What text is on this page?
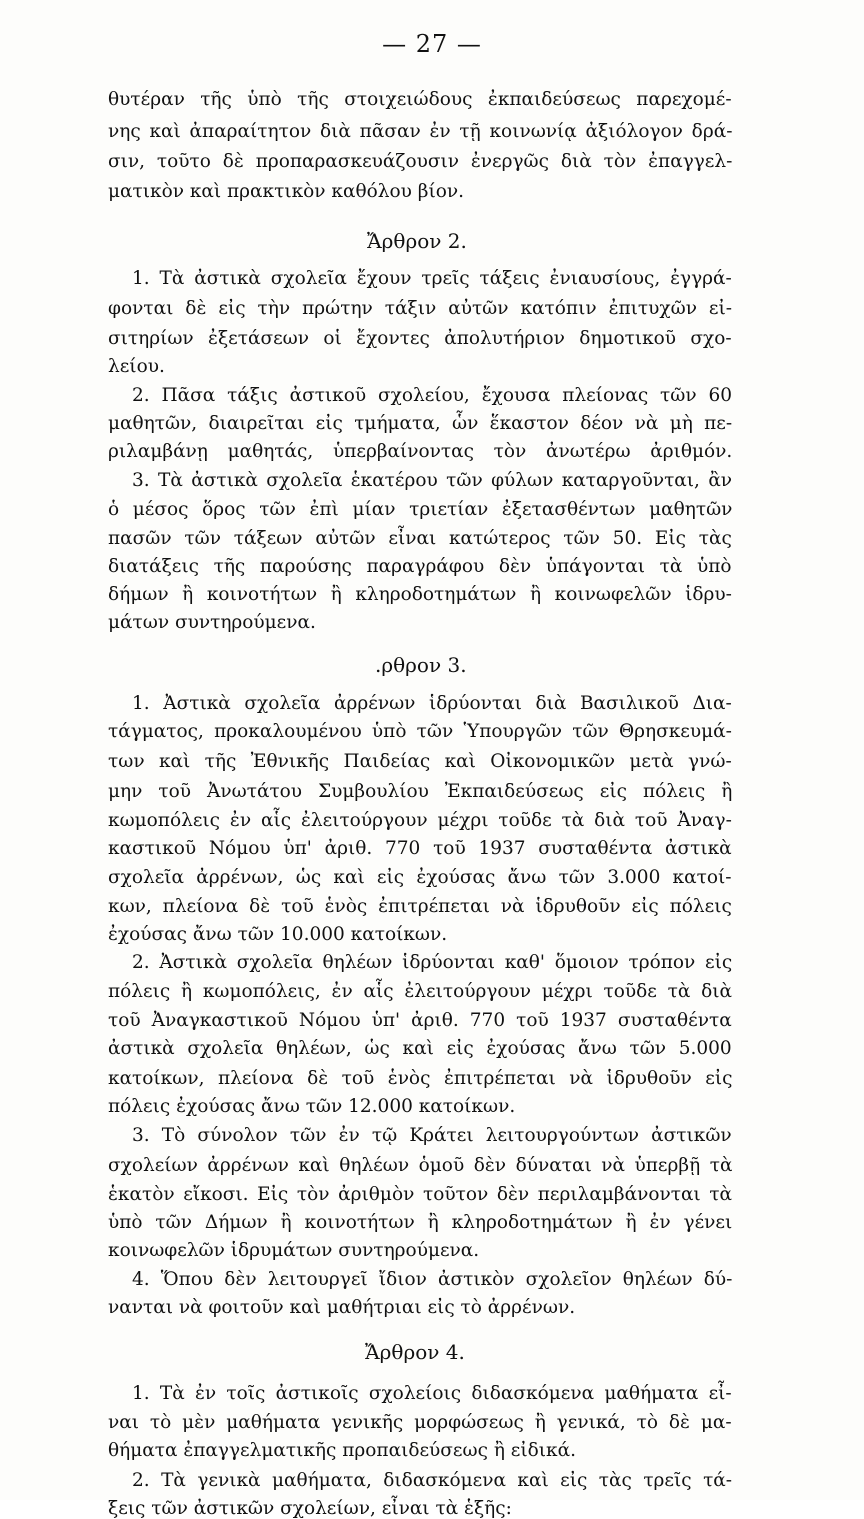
— 27 —
θυτέραν τῆς ὑπὸ τῆς στοιχειώδους ἐκπαιδεύσεως παρεχομέ-
νης καὶ ἀπαραίτητον διὰ πᾶσαν ἐν τῇ κοινωνίᾳ ἀξιόλογον δρά-
σιν, τοῦτο δὲ προπαρασκευάζουσιν ἐνεργῶς διὰ τὸν ἐπαγγελ-
ματικὸν καὶ πρακτικὸν καθόλου βίον.
Ἄρθρον 2.
1. Τὰ ἀστικὰ σχολεῖα ἔχουν τρεῖς τάξεις ἐνιαυσίους, ἐγγρά-
φονται δὲ εἰς τὴν πρώτην τάξιν αὐτῶν κατόπιν ἐπιτυχῶν εἰ-
σιτηρίων ἐξετάσεων οἱ ἔχοντες ἀπολυτήριον δημοτικοῦ σχο-
λείου.
2. Πᾶσα τάξις ἀστικοῦ σχολείου, ἔχουσα πλείονας τῶν 60
μαθητῶν, διαιρεῖται εἰς τμήματα, ὧν ἕκαστον δέον νὰ μὴ πε-
ριλαμβάνῃ μαθητάς, ὑπερβαίνοντας τὸν ἀνωτέρω ἀριθμόν.
3. Τὰ ἀστικὰ σχολεῖα ἑκατέρου τῶν φύλων καταργοῦνται, ἂν
ὁ μέσος ὅρος τῶν ἐπὶ μίαν τριετίαν ἐξετασθέντων μαθητῶν
πασῶν τῶν τάξεων αὐτῶν εἶναι κατώτερος τῶν 50. Εἰς τὰς
διατάξεις τῆς παρούσης παραγράφου δὲν ὑπάγονται τὰ ὑπὸ
δήμων ἢ κοινοτήτων ἢ κληροδοτημάτων ἢ κοινωφελῶν ἱδρυ-
μάτων συντηρούμενα.
.ρθρον 3.
1. Ἀστικὰ σχολεῖα ἀρρένων ἱδρύονται διὰ Βασιλικοῦ Δια-
τάγματος, προκαλουμένου ὑπὸ τῶν Ὑπουργῶν τῶν Θρησκευμά-
των καὶ τῆς Ἐθνικῆς Παιδείας καὶ Οἰκονομικῶν μετὰ γνώ-
μην τοῦ Ἀνωτάτου Συμβουλίου Ἐκπαιδεύσεως εἰς πόλεις ἢ
κωμοπόλεις ἐν αἷς ἐλειτούργουν μέχρι τοῦδε τὰ διὰ τοῦ Ἀναγ-
καστικοῦ Νόμου ὑπ' ἀριθ. 770 τοῦ 1937 συσταθέντα ἀστικὰ
σχολεῖα ἀρρένων, ὡς καὶ εἰς ἐχούσας ἄνω τῶν 3.000 κατοί-
κων, πλείονα δὲ τοῦ ἑνὸς ἐπιτρέπεται νὰ ἱδρυθοῦν εἰς πόλεις
ἐχούσας ἄνω τῶν 10.000 κατοίκων.
2. Ἀστικὰ σχολεῖα θηλέων ἱδρύονται καθ' ὅμοιον τρόπον εἰς
πόλεις ἢ κωμοπόλεις, ἐν αἷς ἐλειτούργουν μέχρι τοῦδε τὰ διὰ
τοῦ Ἀναγκαστικοῦ Νόμου ὑπ' ἀριθ. 770 τοῦ 1937 συσταθέντα
ἀστικὰ σχολεῖα θηλέων, ὡς καὶ εἰς ἐχούσας ἄνω τῶν 5.000
κατοίκων, πλείονα δὲ τοῦ ἑνὸς ἐπιτρέπεται νὰ ἱδρυθοῦν εἰς
πόλεις ἐχούσας ἄνω τῶν 12.000 κατοίκων.
3. Τὸ σύνολον τῶν ἐν τῷ Κράτει λειτουργούντων ἀστικῶν
σχολείων ἀρρένων καὶ θηλέων ὁμοῦ δὲν δύναται νὰ ὑπερβῇ τὰ
ἑκατὸν εἴκοσι. Εἰς τὸν ἀριθμὸν τοῦτον δὲν περιλαμβάνονται τὰ
ὑπὸ τῶν Δήμων ἢ κοινοτήτων ἢ κληροδοτημάτων ἢ ἐν γένει
κοινωφελῶν ἱδρυμάτων συντηρούμενα.
4. Ὅπου δὲν λειτουργεῖ ἴδιον ἀστικὸν σχολεῖον θηλέων δύ-
νανται νὰ φοιτοῦν καὶ μαθήτριαι εἰς τὸ ἀρρένων.
Ἄρθρον 4.
1. Τὰ ἐν τοῖς ἀστικοῖς σχολείοις διδασκόμενα μαθήματα εἶ-
ναι τὸ μὲν μαθήματα γενικῆς μορφώσεως ἢ γενικά, τὸ δὲ μα-
θήματα ἐπαγγελματικῆς προπαιδεύσεως ἢ εἰδικά.
2. Τὰ γενικὰ μαθήματα, διδασκόμενα καὶ εἰς τὰς τρεῖς τά-
ξεις τῶν ἀστικῶν σχολείων, εἶναι τὰ ἑξῆς:
